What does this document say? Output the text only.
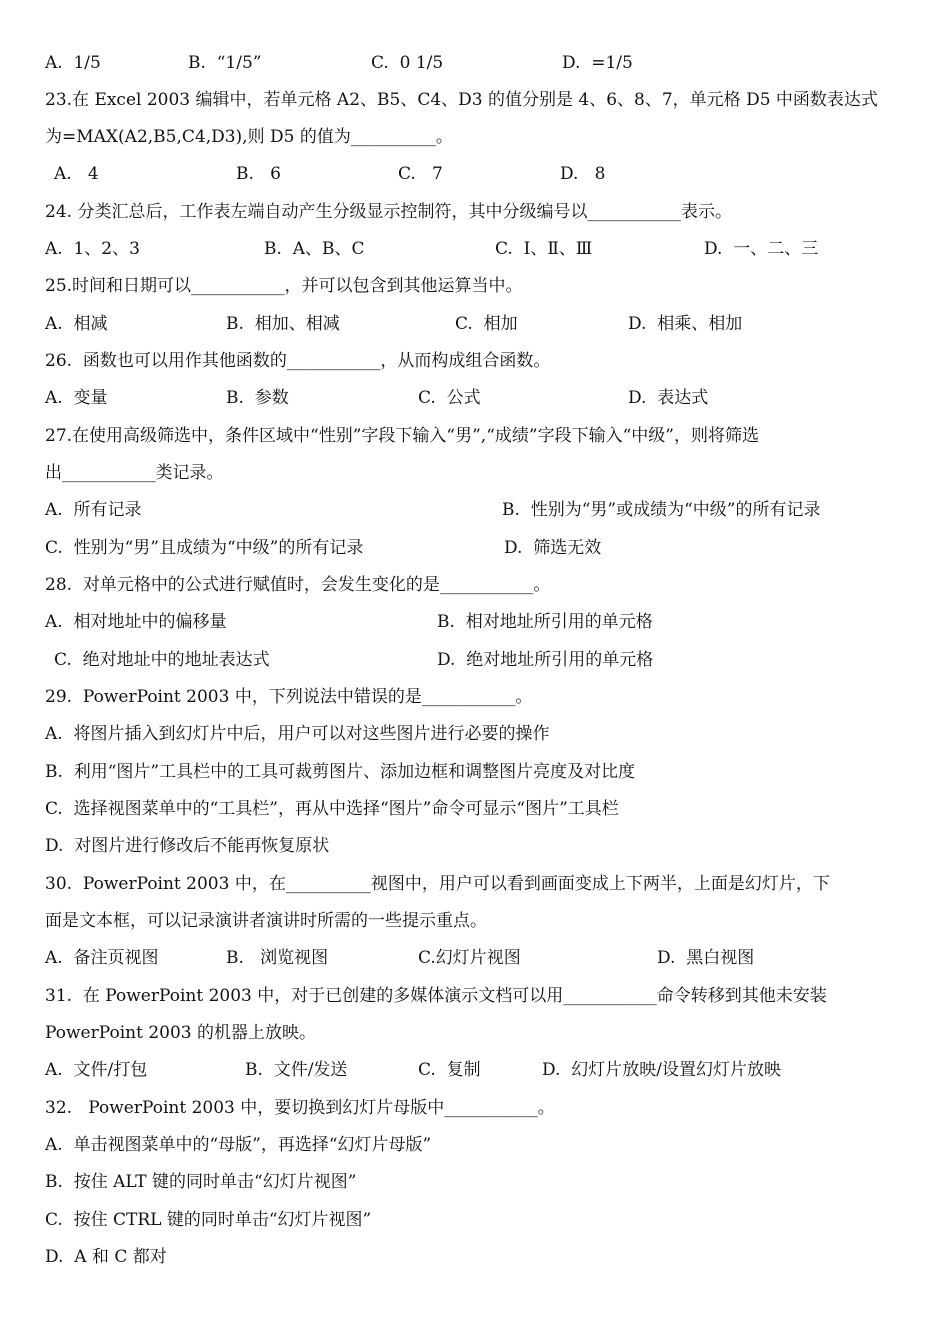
A.  1/5	B.  “1/5”	C.  0 1/5	D.  =1/5
23.在 Excel 2003 编辑中，若单元格 A2、B5、C4、D3 的值分别是 4、6、8、7，单元格 D5 中函数表达式
为=MAX(A2,B5,C4,D3),则 D5 的值为__________。
A.   4	B.   6	C.   7	D.   8
24. 分类汇总后，工作表左端自动产生分级显示控制符，其中分级编号以___________表示。
A.  1、2、3	B.  A、B、C	C.  Ⅰ、Ⅱ、Ⅲ	D.  一、二、三
25.时间和日期可以___________，并可以包含到其他运算当中。
A.  相减	B.  相加、相减	C.  相加	D.  相乘、相加
26.  函数也可以用作其他函数的___________，从而构成组合函数。
A.  变量	B.  参数	C.  公式	D.  表达式
27.在使用高级筛选中，条件区域中“性别”字段下输入“男”,“成绩”字段下输入“中级”，则将筛选
出___________类记录。
A.  所有记录	B.  性别为“男”或成绩为“中级”的所有记录
C.  性别为“男”且成绩为“中级”的所有记录	D.  筛选无效
28.  对单元格中的公式进行赋值时，会发生变化的是___________。
A.  相对地址中的偏移量	B.  相对地址所引用的单元格
C.  绝对地址中的地址表达式	D.  绝对地址所引用的单元格
29.  PowerPoint 2003 中，下列说法中错误的是___________。
A.  将图片插入到幻灯片中后，用户可以对这些图片进行必要的操作
B.  利用“图片”工具栏中的工具可裁剪图片、添加边框和调整图片亮度及对比度
C.  选择视图菜单中的“工具栏”，再从中选择“图片”命令可显示“图片”工具栏
D.  对图片进行修改后不能再恢复原状
30.  PowerPoint 2003 中，在__________视图中，用户可以看到画面变成上下两半，上面是幻灯片，下
面是文本框，可以记录演讲者演讲时所需的一些提示重点。
A.  备注页视图	B.   浏览视图	C.幻灯片视图	D.  黑白视图
31.  在 PowerPoint 2003 中，对于已创建的多媒体演示文档可以用___________命令转移到其他未安装
PowerPoint 2003 的机器上放映。
A.  文件/打包	B.  文件/发送	C.  复制	D.  幻灯片放映/设置幻灯片放映
32.   PowerPoint 2003 中，要切换到幻灯片母版中___________。
A.  单击视图菜单中的“母版”，再选择“幻灯片母版”
B.  按住 ALT 键的同时单击“幻灯片视图”
C.  按住 CTRL 键的同时单击“幻灯片视图”
D.  A 和 C 都对
